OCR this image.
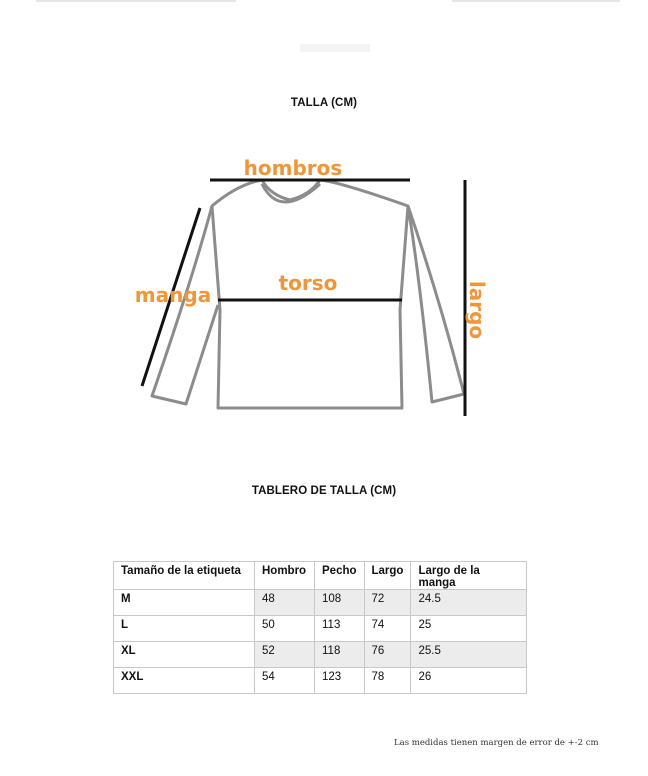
TALLA (CM)
hombros
torso
manga	largo
TABLERO DE TALLA (CM)
Tamaño de la etiqueta	Hombro	Pecho	Largo	Largo de la manga
M	48	108	72	24.5
L	50	113	74	25
XL	52	118	76	25.5
XXL	54	123	78	26
Las medidas tienen margen de error de +-2 cm
